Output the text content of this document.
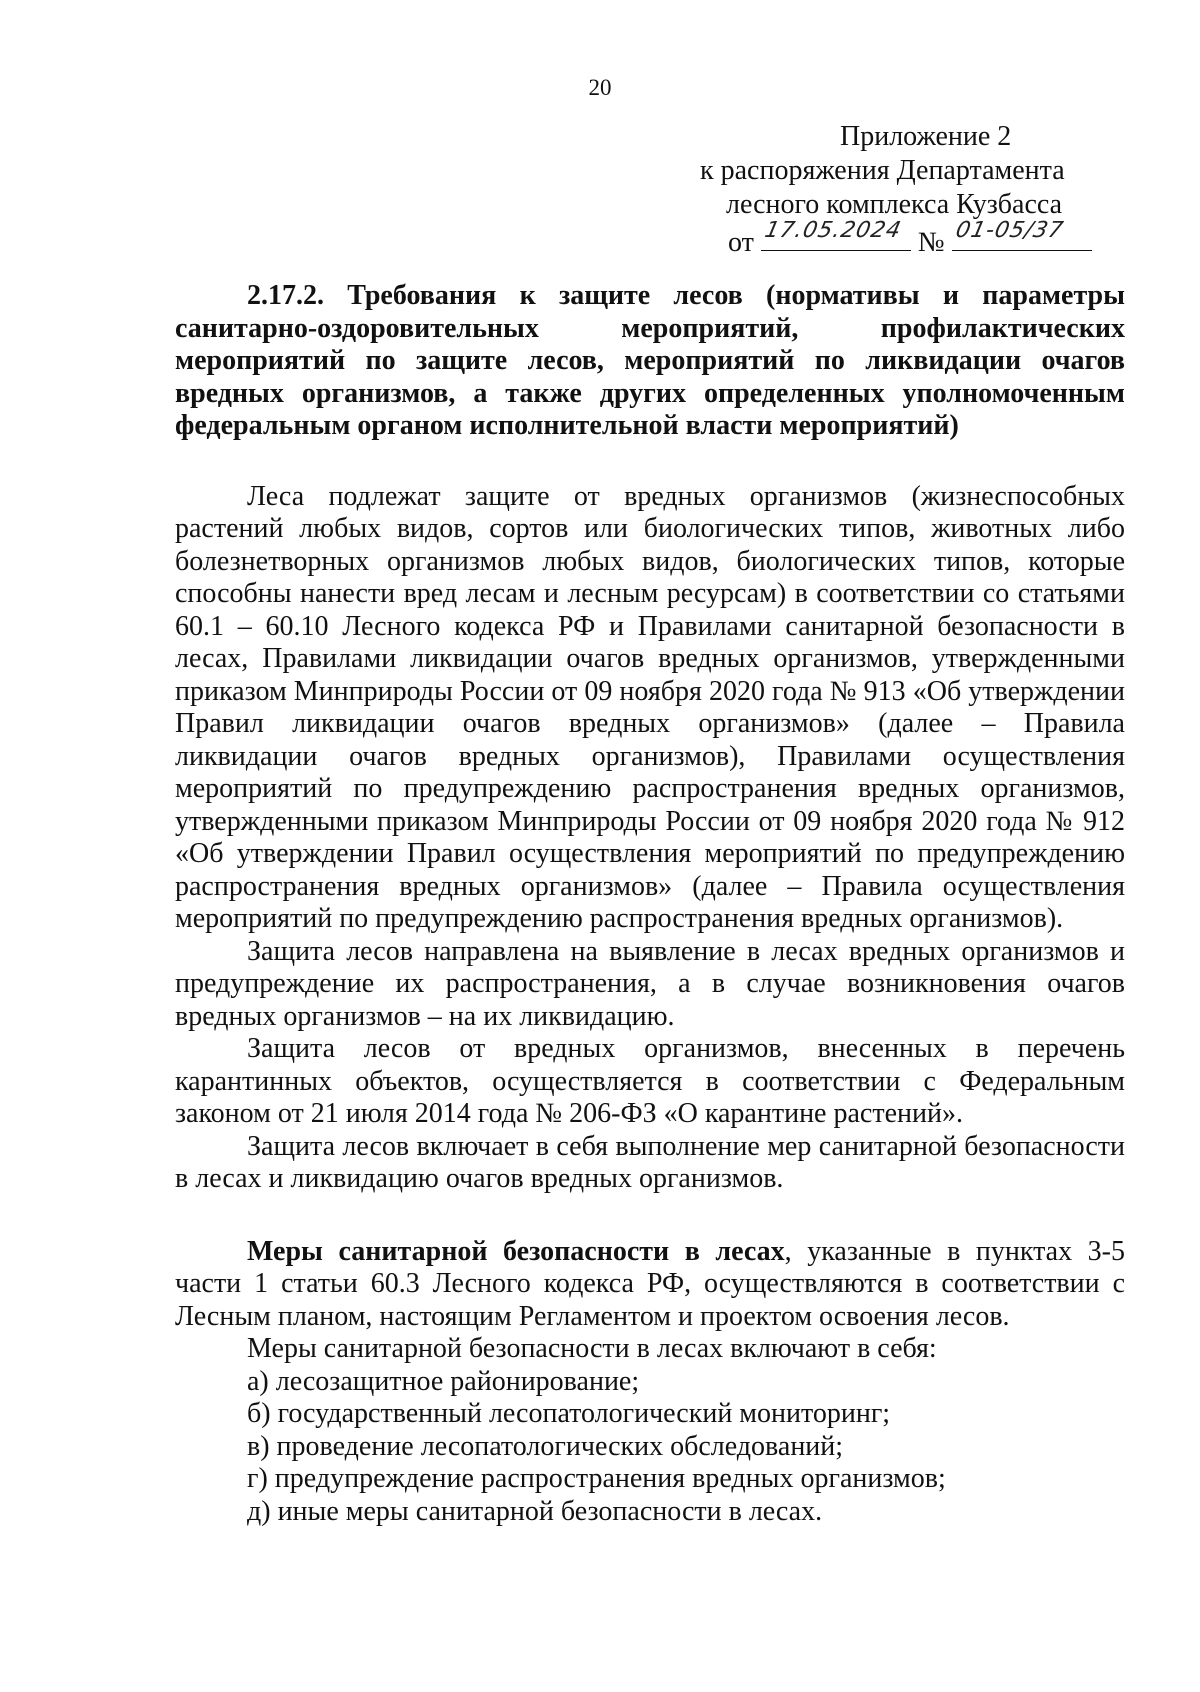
20
Приложение 2
к распоряжения Департамента
лесного комплекса Кузбасса
от 17.05.2024 № 01-05/37

2.17.2. Требования к защите лесов (нормативы и параметры санитарно-оздоровительных мероприятий, профилактических мероприятий по защите лесов, мероприятий по ликвидации очагов вредных организмов, а также других определенных уполномоченным федеральным органом исполнительной власти мероприятий)

Леса подлежат защите от вредных организмов (жизнеспособных растений любых видов, сортов или биологических типов, животных либо болезнетворных организмов любых видов, биологических типов, которые способны нанести вред лесам и лесным ресурсам) в соответствии со статьями 60.1 – 60.10 Лесного кодекса РФ и Правилами санитарной безопасности в лесах, Правилами ликвидации очагов вредных организмов, утвержденными приказом Минприроды России от 09 ноября 2020 года № 913 «Об утверждении Правил ликвидации очагов вредных организмов» (далее – Правила ликвидации очагов вредных организмов), Правилами осуществления мероприятий по предупреждению распространения вредных организмов, утвержденными приказом Минприроды России от 09 ноября 2020 года № 912 «Об утверждении Правил осуществления мероприятий по предупреждению распространения вредных организмов» (далее – Правила осуществления мероприятий по предупреждению распространения вредных организмов).

Защита лесов направлена на выявление в лесах вредных организмов и предупреждение их распространения, а в случае возникновения очагов вредных организмов – на их ликвидацию.

Защита лесов от вредных организмов, внесенных в перечень карантинных объектов, осуществляется в соответствии с Федеральным законом от 21 июля 2014 года № 206-ФЗ «О карантине растений».

Защита лесов включает в себя выполнение мер санитарной безопасности в лесах и ликвидацию очагов вредных организмов.

Меры санитарной безопасности в лесах, указанные в пунктах 3-5 части 1 статьи 60.3 Лесного кодекса РФ, осуществляются в соответствии с Лесным планом, настоящим Регламентом и проектом освоения лесов.

Меры санитарной безопасности в лесах включают в себя:

а) лесозащитное районирование;
б) государственный лесопатологический мониторинг;
в) проведение лесопатологических обследований;
г) предупреждение распространения вредных организмов;
д) иные меры санитарной безопасности в лесах.
